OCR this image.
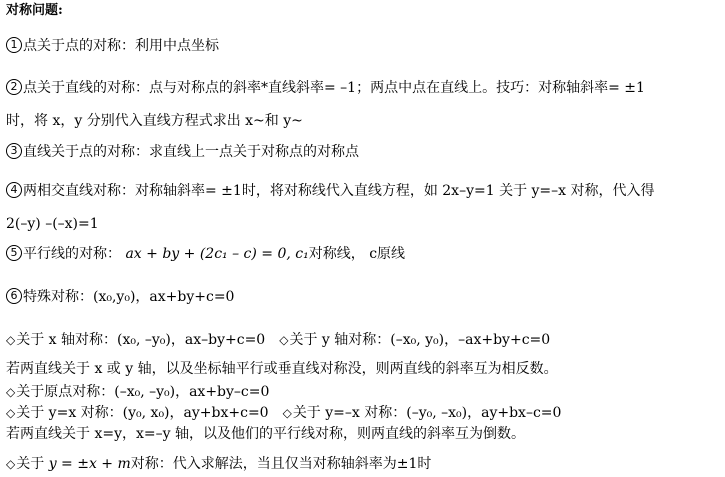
对称问题:
1 点关于点的对称：利用中点坐标
2 点关于直线的对称：点与对称点的斜率*直线斜率= –1；两点中点在直线上。技巧：对称轴斜率= ±1
时，将 x，y 分别代入直线方程式求出 x~和 y~
3 直线关于点的对称：求直线上一点关于对称点的对称点
4 两相交直线对称：对称轴斜率= ±1时，将对称线代入直线方程，如 2x–y=1 关于 y=–x 对称，代入得
2(–y) –(–x)=1
5 平行线的对称： ax + by + (2c₁ – c) = 0, c₁对称线， c原线
6 特殊对称：(x₀,y₀)，ax+by+c=0
◇关于 x 轴对称：(x₀, –y₀)，ax–by+c=0 ◇关于 y 轴对称：(–x₀, y₀)，–ax+by+c=0
若两直线关于 x 或 y 轴，以及坐标轴平行或垂直线对称没，则两直线的斜率互为相反数。
◇关于原点对称：(–x₀, –y₀)，ax+by–c=0
◇关于 y=x 对称：(y₀, x₀)，ay+bx+c=0 ◇关于 y=–x 对称：(–y₀, –x₀)，ay+bx–c=0
若两直线关于 x=y，x=–y 轴，以及他们的平行线对称，则两直线的斜率互为倒数。
◇关于 y = ±x + m对称：代入求解法，当且仅当对称轴斜率为±1时
